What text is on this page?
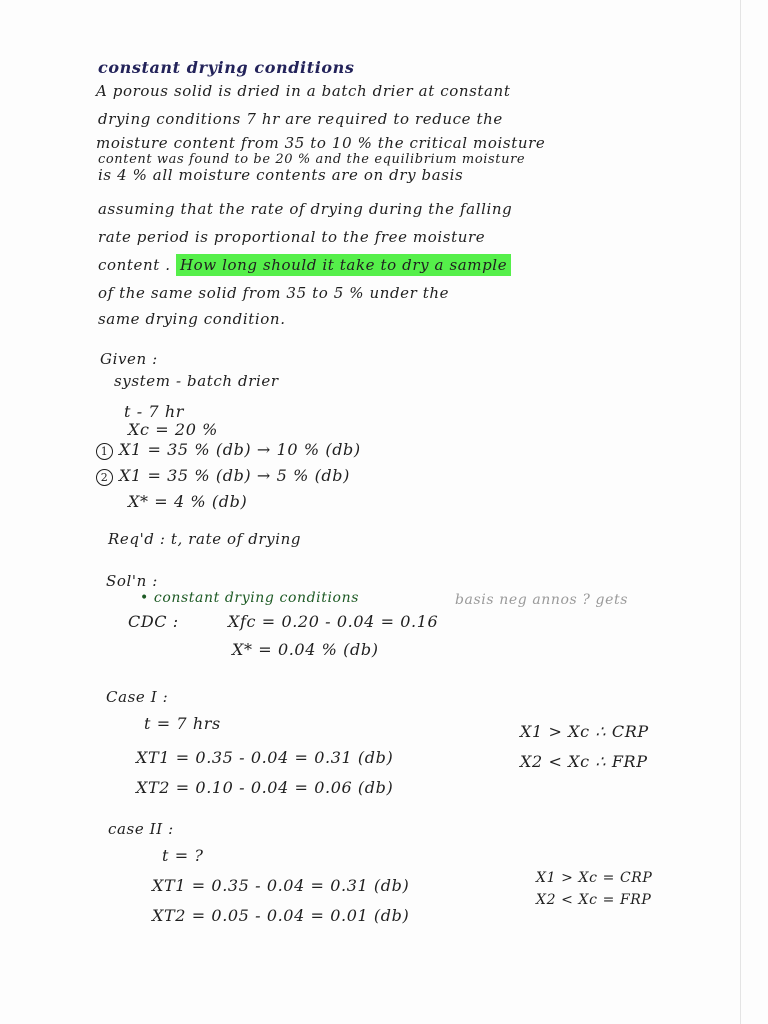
constant drying conditions
A porous solid is dried in a batch drier at constant
drying conditions 7 hr are required to reduce the
moisture content from 35 to 10 % the critical moisture
content was found to be 20 % and the equilibrium moisture
is 4 % all moisture contents are on dry basis
assuming that the rate of drying during the falling
rate period is proportional to the free moisture
content . How long should it take to dry a sample
of the same solid from 35 to 5 % under the
same drying condition.
Given :
system - batch drier
t - 7 hr
Xc = 20 %
1 X1 = 35 % (db) → 10 % (db)
2 X1 = 35 % (db) → 5 % (db)
X* = 4 % (db)
Req'd : t, rate of drying
Sol'n :
• constant drying conditions	basis neg annos ? gets
CDC :	Xfc = 0.20 - 0.04 = 0.16
X* = 0.04 % (db)
Case I :
t = 7 hrs
XT1 = 0.35 - 0.04 = 0.31 (db)
XT2 = 0.10 - 0.04 = 0.06 (db)
X1 > Xc ∴ CRP
X2 < Xc ∴ FRP
case II :
t = ?
XT1 = 0.35 - 0.04 = 0.31 (db)
XT2 = 0.05 - 0.04 = 0.01 (db)
X1 > Xc = CRP
X2 < Xc = FRP
